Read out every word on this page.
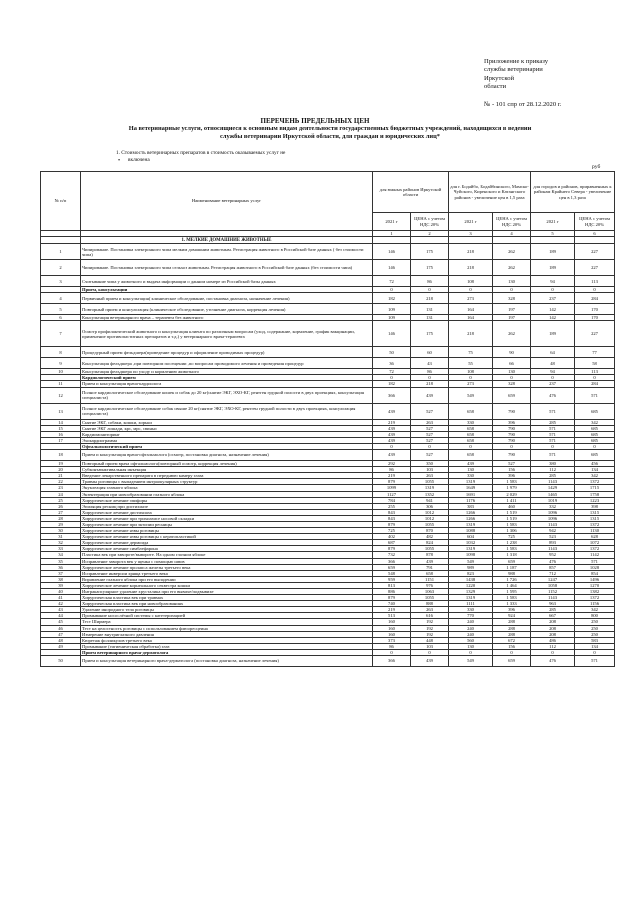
Приложение к приказу
службы ветеринарии
Иркутской
области
№ - 101 спр от 28.12.2020 г.
ПЕРЕЧЕНЬ ПРЕДЕЛЬНЫХ ЦЕН
На ветеринарные услуги, относящиеся к основным видам деятельности государственных бюджетных учреждений, находящихся в ведении службы ветеринарии Иркутской области, для граждан и юридических лиц*
1. Стоимость ветеринарных препаратов в стоимость оказываемых услуг не
• включена
руб
№ п/п	Наименование ветеринарных услуг	для южных районов Иркутской области		для г. Бодайбо, Бодайбинского, Мамско-Чуйского, Киренского и Катангского районов - увеличение цен в 1,5 раза		для городов и районов, приравненных к районам Крайнего Севера - увеличение цен в 1,3 раза	
		2021 г	ЦЕНА с учетом НДС 20%	2021 г	ЦЕНА с учетом НДС 20%	2021 г	ЦЕНА с учетом НДС 20%
		1	2	3	4	5	6
	1. МЕЛКИЕ ДОМАШНИЕ ЖИВОТНЫЕ						
1	Чипирование. Постановка электронного чипа мелким домашним животным. Регистрация животного в Российской базе данных ( без стоимости чипа)	146	175	218	262	189	227
2	Чипирование. Постановка электронного чипа сельхоз животным. Регистрация животного в Российской базе данных (без стоимости чипа)	146	175	218	262	189	227
3	Считывание чипа у животного и выдача информации о данном номере из Российской базы данных	72	86	108	130	94	113
	Прием, консультации	0	0	0	0	0	0
4	Первичный прием и консультация( клиническое обследование, постановка диагноза, назначение лечения)	182	218	273	328	237	284
5	Повторный прием и консультация (клиническое обследование, уточнение диагноза, коррекция лечения)	109	131	164	197	142	170
6	Консультация ветеринарного врача – терапевта без животного	109	131	164	197	142	170
7	Осмотр профилактический животного и консультация клиента по различным вопросам (уход, содержание, кормление, график вакцинации, применение противопаститных препаратов и т.д.) у ветеринарного врача-терапевта	146	175	218	262	189	227
8	Процедурный прием фельдшера(проведение процедур и оформление проводимых процедур)	50	60	75	90	64	77
9	Консультация фельдшера ,при повторном посещении ,по вопросам проводимого лечения и проведения процедур	36	43	55	66	48	58
10	Консультация фельдшера по уходу и кормлению животного	72	86	108	130	94	113
	Кардиологический прием	0	0	0	0	0	0
11	Прием и консультация врача-кардиолога	182	218	273	328	237	284
12	Полное кардиологическое обследование кошек и собак до 20 кг(снятие ЭКГ, ЭХО-КГ, рентген грудной полости в двух проекциях, консультация специалиста)	366	439	549	659	476	571
13	Полное кардиологическое обследование собак свыше 20 кг(снятие ЭКГ, ЭХО-КГ, рентген грудной полости в двух проекциях, консультация специалиста)	439	527	658	790	571	685
14	Снятие ЭКГ, собаки, кошки, хорьки	219	263	330	396	285	342
15	Снятие ЭКГ лошади, крс, мрс, свиньи	439	527	658	790	571	685
16	Кардиомониторинг	439	527	658	790	571	685
17	Эхокардиограмма	439	527	658	790	571	685
	Офтальмологический прием	0	0	0	0	0	0
18	Прием и консультация врача-офтальмолога (осмотр, постановка диагноза, назначение лечения)	439	527	658	790	571	685
19	Повторный прием врача офтальмолога(повторный осмотр, коррекция лечения)	292	350	439	527	380	456
20	Субконъюнктивальная инъекция	86	103	130	156	112	134
21	Введение лекарственного препарата в переднюю камеру глаза	219	263	330	396	285	342
22	Травмы роговицы с выпадением интраокулярных структур	879	1055	1319	1 583	1143	1372
23	Энуклеация глазного яблока	1099	1319	1649	1 979	1429	1715
24	Экзентерация при новообразовании глазного яблока	1127	1352	1691	2 029	1465	1758
25	Хирургическое лечение эпифоры	784	941	1176	1 411	1019	1223
26	Эпиляция ресниц при дистихиазе	255	306	383	460	332	398
27	Хирургическое лечение дистихиаза	843	1012	1266	1 519	1096	1315
28	Хирургическое лечение при трихиазисе носовой складки	843	1012	1266	1 519	1096	1315
29	Хирургическое лечение при эктопии ресницы	879	1055	1319	1 583	1143	1372
30	Хирургическое лечение язвы роговицы	725	870	1088	1 306	942	1130
31	Хирургическое лечение язвы роговицы с кератопластикой	402	482	604	725	523	628
32	Хирургическое лечение дермоида	687	824	1032	1 238	893	1072
33	Хирургическое лечение симблефарона	879	1055	1319	1 583	1143	1372
34	Пластика век при завороте/вывороте. На одном глазном яблоке	732	878	1098	1 318	952	1142
35	Исправление заворота век у щенка с помощью швов	366	439	549	659	476	571
36	Хирургическое лечение пролапса железы третьего века	659	791	989	1 187	857	1028
37	Исправление инверсии хряща третьего века	548	658	823	988	712	854
38	Вправление глазного яблока при его выпадении	959	1151	1438	1 726	1247	1496
39	Хирургическое лечение корнеального секвестра кошки	813	976	1220	1 464	1058	1270
40	Интракапсулярное удаление хрусталика при его вывихе/подвывихе	886	1063	1329	1 595	1152	1382
41	Хирургическая пластика век при травмах	879	1055	1319	1 583	1143	1372
42	Хирургическая пластика век при новообразованиях	740	888	1111	1 333	963	1156
43	Удаление инородного тела роговицы	219	263	330	396	285	342
44	Промывание носослёзной системы с катетеризацией	513	616	770	924	667	800
45	Тест Ширмера	160	192	240	288	208	250
46	Тест на целостность роговицы с использованием флюоресцеина	160	192	240	288	208	250
47	Измерение внутриглазного давления	160	192	240	288	208	250
48	Кюретаж фолликулов третьего века	373	448	560	672	486	583
49	Промывание (гигиеническая обработка) глаз	86	103	130	156	112	134
	Прием ветеринарного врача-дерматолога	0	0	0	0	0	0
50	Прием и консультация ветеринарного врача-дерматолога (постановка диагноза, назначение лечения)	366	439	549	659	476	571
